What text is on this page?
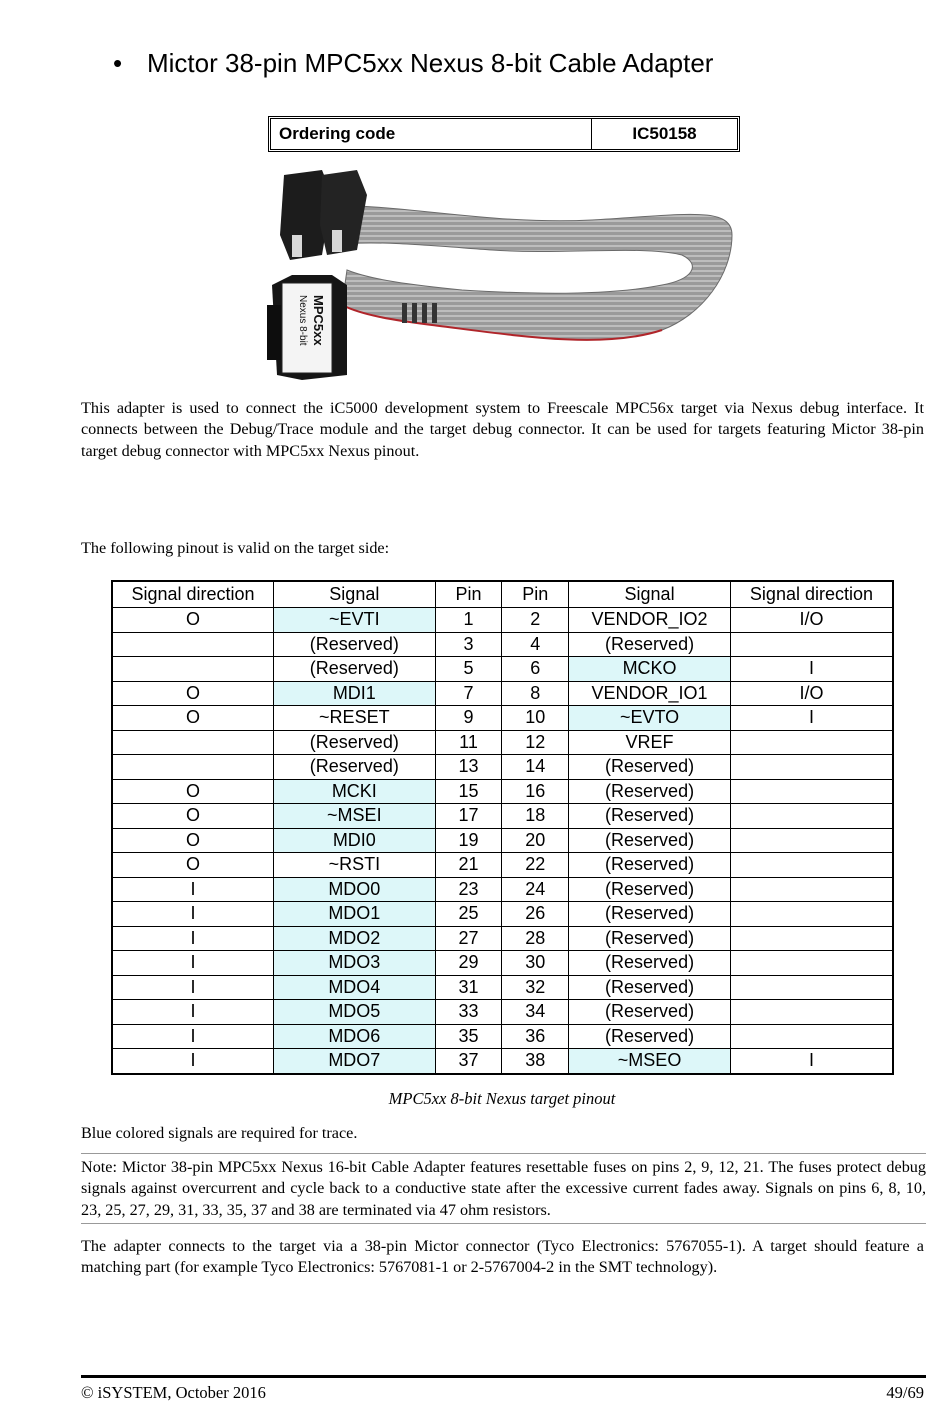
• Mictor 38-pin MPC5xx Nexus 8-bit Cable Adapter
Ordering code	IC50158
MPC5xx
Nexus 8-bit
This adapter is used to connect the iC5000 development system to Freescale MPC56x target via Nexus debug interface. It connects between the Debug/Trace module and the target debug connector. It can be used for targets featuring Mictor 38-pin target debug connector with MPC5xx Nexus pinout.
The following pinout is valid on the target side:
Signal direction	Signal	Pin	Pin	Signal	Signal direction
O	~EVTI	1	2	VENDOR_IO2	I/O
	(Reserved)	3	4	(Reserved)	
	(Reserved)	5	6	MCKO	I
O	MDI1	7	8	VENDOR_IO1	I/O
O	~RESET	9	10	~EVTO	I
	(Reserved)	11	12	VREF	
	(Reserved)	13	14	(Reserved)	
O	MCKI	15	16	(Reserved)	
O	~MSEI	17	18	(Reserved)	
O	MDI0	19	20	(Reserved)	
O	~RSTI	21	22	(Reserved)	
I	MDO0	23	24	(Reserved)	
I	MDO1	25	26	(Reserved)	
I	MDO2	27	28	(Reserved)	
I	MDO3	29	30	(Reserved)	
I	MDO4	31	32	(Reserved)	
I	MDO5	33	34	(Reserved)	
I	MDO6	35	36	(Reserved)	
I	MDO7	37	38	~MSEO	I
MPC5xx 8-bit Nexus target pinout
Blue colored signals are required for trace.
Note: Mictor 38-pin MPC5xx Nexus 16-bit Cable Adapter features resettable fuses on pins 2, 9, 12, 21. The fuses protect debug signals against overcurrent and cycle back to a conductive state after the excessive current fades away. Signals on pins 6, 8, 10, 23, 25, 27, 29, 31, 33, 35, 37 and 38 are terminated via 47 ohm resistors.
The adapter connects to the target via a 38-pin Mictor connector (Tyco Electronics: 5767055-1). A target should feature a matching part (for example Tyco Electronics: 5767081-1 or 2-5767004-2 in the SMT technology).
© iSYSTEM, October 2016	49/69
